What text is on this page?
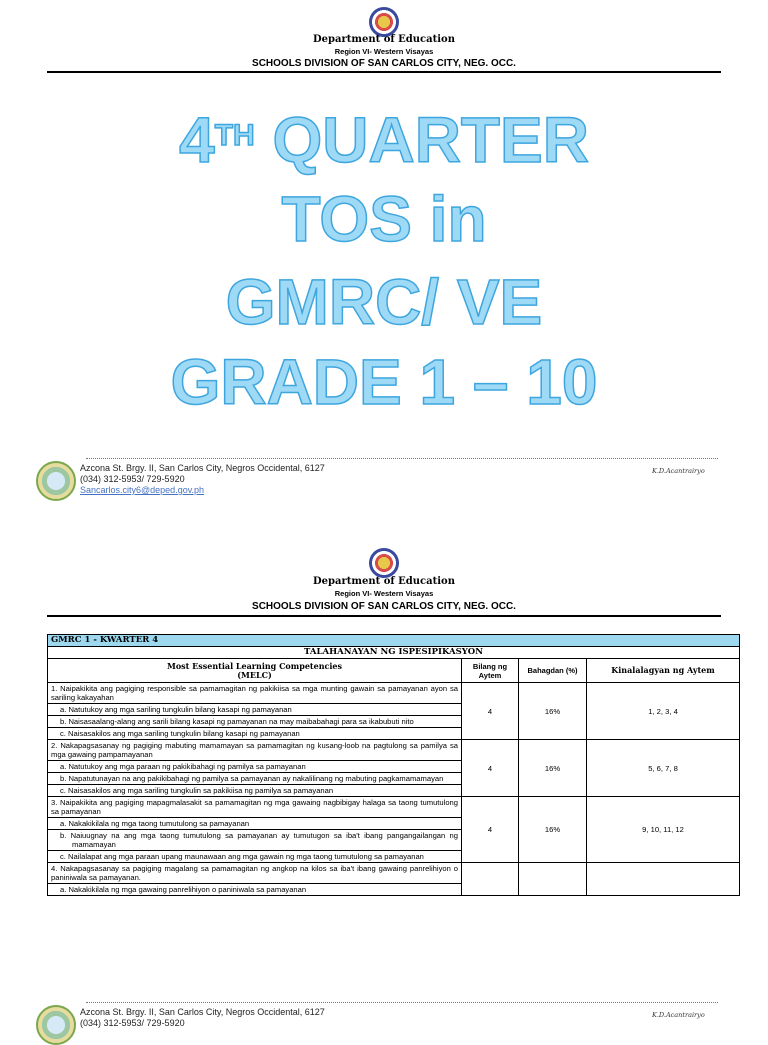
Department of Education
Region VI- Western Visayas
SCHOOLS DIVISION OF SAN CARLOS CITY, NEG. OCC.
4TH QUARTER
TOS in
GMRC/ VE
GRADE 1 – 10
Azcona St. Brgy. II, San Carlos City, Negros Occidental, 6127
(034) 312-5953/ 729-5920
Sancarlos.city6@deped.gov.ph
K.D.Acantrairyo
Department of Education
Region VI- Western Visayas
SCHOOLS DIVISION OF SAN CARLOS CITY, NEG. OCC.
GMRC 1 - KWARTER 4			
TALAHANAYAN NG ISPESIPIKASYON			

Most Essential Learning Competencies
(MELC)	Bilang ng Aytem	Bahagdan (%)	Kinalalagyan ng Aytem
1. Naipakikita ang pagiging responsible sa pamamagitan ng pakikiisa sa mga munting gawain sa pamayanan ayon sa sariling kakayahan	4	16%	1, 2, 3, 4
a. Natutukoy ang mga sariling tungkulin bilang kasapi ng pamayanan			
b. Naisasaalang-alang ang sarili bilang kasapi ng pamayanan na may maibabahagi para sa ikabubuti nito			
c. Naisasakilos ang mga sariling tungkulin bilang kasapi ng pamayanan			
2. Nakapagsasanay ng pagiging mabuting mamamayan sa pamamagitan ng kusang-loob na pagtulong sa pamilya sa mga gawaing pampamayanan	4	16%	5, 6, 7, 8
a. Natutukoy ang mga paraan ng pakikibahagi ng pamilya sa pamayanan			
b. Napatutunayan na ang pakikibahagi ng pamilya sa pamayanan ay nakalilinang ng mabuting pagkamamamayan			
c. Naisasakilos ang mga sariling tungkulin sa pakikiisa ng pamilya sa pamayanan			
3. Naipakikita ang pagiging mapagmalasakit sa pamamagitan ng mga gawaing nagbibigay halaga sa taong tumutulong sa pamayanan	4	16%	9, 10, 11, 12
a. Nakakikilala ng mga taong tumutulong sa pamayanan			
b. Naiuugnay na ang mga taong tumutulong sa pamayanan ay tumutugon sa iba't ibang pangangailangan ng mamamayan			
c. Nailalapat ang mga paraan upang maunawaan ang mga gawain ng mga taong tumutulong sa pamayanan			
4. Nakapagsasanay sa pagiging magalang sa pamamagitan ng angkop na kilos sa iba't ibang gawaing panrelihiyon o paniniwala sa pamayanan.			
a. Nakakikilala ng mga gawaing panrelihiyon o paniniwala sa pamayanan			
Azcona St. Brgy. II, San Carlos City, Negros Occidental, 6127
(034) 312-5953/ 729-5920
K.D.Acantrairyo
